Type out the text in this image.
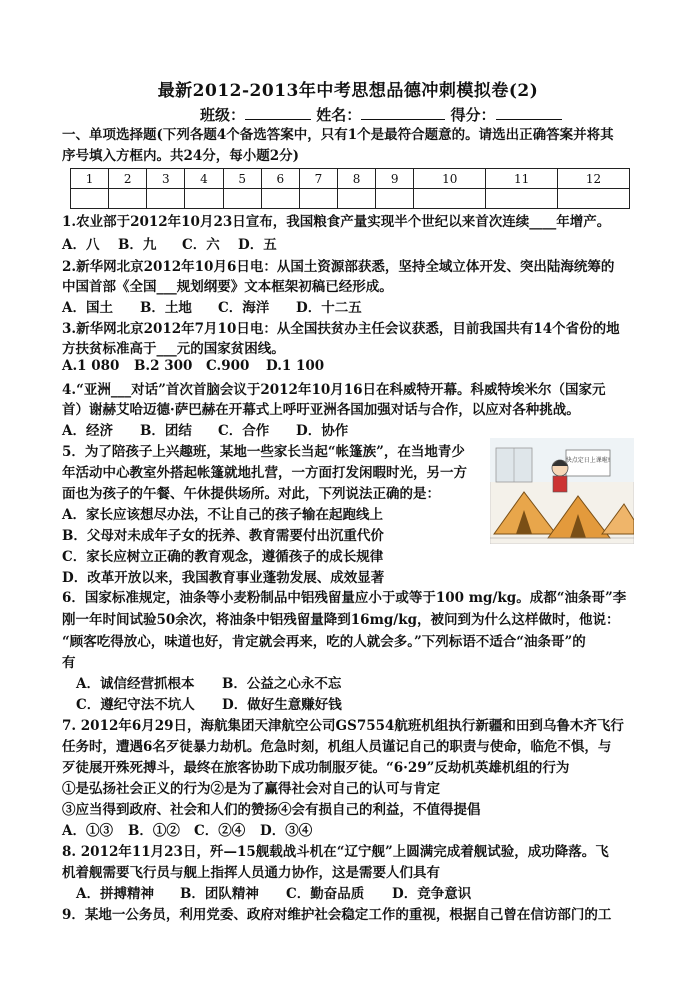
最新2012-2013年中考思想品德冲刺模拟卷(2)
班级：	姓名：	得分：
一、单项选择题(下列各题4个备选答案中，只有1个是最符合题意的。请选出正确答案并将其
序号填入方框内。共24分，每小题2分)
1	2	3	4	5	6	7	8	9	10	11	12

1.农业部于2012年10月23日宣布，我国粮食产量实现半个世纪以来首次连续____年增产。
A．八 B．九 C．六 D．五
2.新华网北京2012年10月6日电：从国土资源部获悉，坚持全域立体开发、突出陆海统筹的
中国首部《全国___规划纲要》文本框架初稿已经形成。
A．国土 B．土地 C．海洋 D．十二五
3.新华网北京2012年7月10日电：从全国扶贫办主任会议获悉，目前我国共有14个省份的地
方扶贫标准高于___元的国家贫困线。
A.1 080 B.2 300 C.900 D.1 100
4.“亚洲___对话”首次首脑会议于2012年10月16日在科威特开幕。科威特埃米尔（国家元
首）谢赫艾哈迈德·萨巴赫在开幕式上呼吁亚洲各国加强对话与合作，以应对各种挑战。
A．经济 B．团结 C．合作 D．协作
5．为了陪孩子上兴趣班，某地一些家长当起“帐篷族”，在当地青少
年活动中心教室外搭起帐篷就地扎营，一方面打发闲暇时光，另一方
面也为孩子的午餐、午休提供场所。对此，下列说法正确的是：
A．家长应该想尽办法，不让自己的孩子输在起跑线上
B．父母对未成年子女的抚养、教育需要付出沉重代价
C．家长应树立正确的教育观念，遵循孩子的成长规律
D．改革开放以来，我国教育事业蓬勃发展、成效显著
快点定日上课啦!
6．国家标准规定，油条等小麦粉制品中铝残留量应小于或等于100 mg/kg。成都“油条哥”李
刚一年时间试验50余次，将油条中铝残留量降到16mg/kg，被问到为什么这样做时，他说：
“顾客吃得放心，味道也好，肯定就会再来，吃的人就会多。”下列标语不适合“油条哥”的
有
A．诚信经营抓根本 B．公益之心永不忘
C．遵纪守法不坑人 D．做好生意赚好钱
7. 2012年6月29日，海航集团天津航空公司GS7554航班机组执行新疆和田到乌鲁木齐飞行
任务时，遭遇6名歹徒暴力劫机。危急时刻，机组人员谨记自己的职责与使命，临危不惧，与
歹徒展开殊死搏斗，最终在旅客协助下成功制服歹徒。“6·29”反劫机英雄机组的行为
①是弘扬社会正义的行为②是为了赢得社会对自己的认可与肯定
③应当得到政府、社会和人们的赞扬④会有损自己的利益，不值得提倡
A．①③ B．①② C．②④ D．③④
8. 2012年11月23日，歼—15舰载战斗机在“辽宁舰”上圆满完成着舰试验，成功降落。飞
机着舰需要飞行员与舰上指挥人员通力协作，这是需要人们具有
A．拼搏精神 B．团队精神 C．勤奋品质 D．竞争意识
9．某地一公务员，利用党委、政府对维护社会稳定工作的重视，根据自己曾在信访部门的工
